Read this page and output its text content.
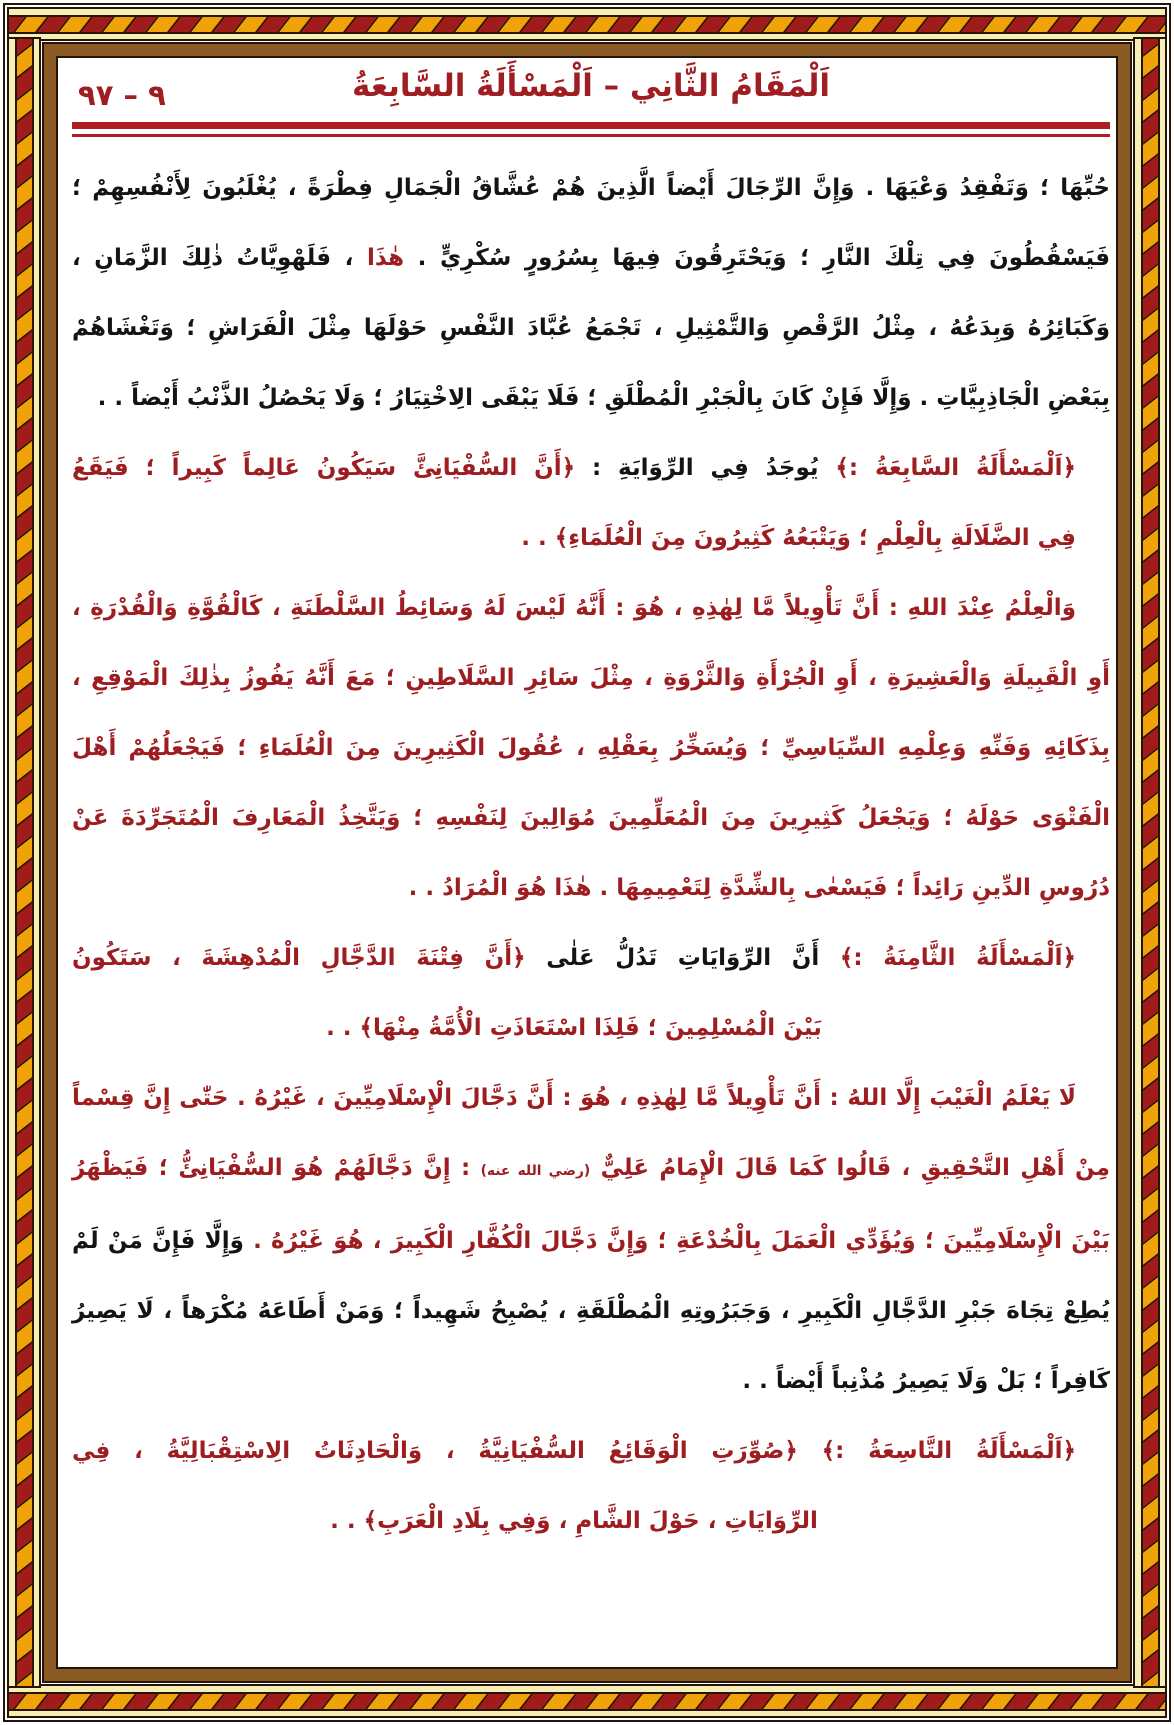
٩ – ٩٧	اَلْمَقَامُ الثَّانِي – اَلْمَسْأَلَةُ السَّابِعَةُ
حُبِّهَا ؛ وَتَفْقِدُ وَعْيَهَا . وَإِنَّ الرِّجَالَ أَيْضاً الَّذِينَ هُمْ عُشَّاقُ الْجَمَالِ فِطْرَةً ، يُغْلَبُونَ لِأَنْفُسِهِمْ ؛ فَيَسْقُطُونَ فِي تِلْكَ النَّارِ ؛ وَيَحْتَرِقُونَ فِيهَا بِسُرُورٍ سُكْرِيٍّ . هٰذَا ، فَلَهْوِيَّاتُ ذٰلِكَ الزَّمَانِ ، وَكَبَائِرُهُ وَبِدَعُهُ ، مِثْلُ الرَّقْصِ وَالتَّمْثِيلِ ، تَجْمَعُ عُبَّادَ النَّفْسِ حَوْلَهَا مِثْلَ الْفَرَاشِ ؛ وَتَغْشَاهُمْ بِبَعْضِ الْجَاذِبِيَّاتِ . وَإِلَّا فَإِنْ كَانَ بِالْجَبْرِ الْمُطْلَقِ ؛ فَلَا يَبْقَى الِاخْتِيَارُ ؛ وَلَا يَحْصُلُ الذَّنْبُ أَيْضاً . .
﴿اَلْمَسْأَلَةُ السَّابِعَةُ :﴾ يُوجَدُ فِي الرِّوَايَةِ : ﴿أَنَّ السُّفْيَانِئَّ سَيَكُونُ عَالِماً كَبِيراً ؛ فَيَقَعُ
فِي الضَّلَالَةِ بِالْعِلْمِ ؛ وَيَتْبَعُهُ كَثِيرُونَ مِنَ الْعُلَمَاءِ﴾ . .
وَالْعِلْمُ عِنْدَ اللهِ : أَنَّ تَأْوِيلاً مَّا لِهٰذِهِ ، هُوَ : أَنَّهُ لَيْسَ لَهُ وَسَائِطُ السَّلْطَنَةِ ، كَالْقُوَّةِ وَالْقُدْرَةِ ، أَوِ الْقَبِيلَةِ وَالْعَشِيرَةِ ، أَوِ الْجُرْأَةِ وَالثَّرْوَةِ ، مِثْلَ سَائِرِ السَّلَاطِينِ ؛ مَعَ أَنَّهُ يَفُوزُ بِذٰلِكَ الْمَوْقِعِ ، بِذَكَائِهِ وَفَنِّهِ وَعِلْمِهِ السِّيَاسِيِّ ؛ وَيُسَخِّرُ بِعَقْلِهِ ، عُقُولَ الْكَثِيرِينَ مِنَ الْعُلَمَاءِ ؛ فَيَجْعَلُهُمْ أَهْلَ الْفَتْوَى حَوْلَهُ ؛ وَيَجْعَلُ كَثِيرِينَ مِنَ الْمُعَلِّمِينَ مُوَالِينَ لِنَفْسِهِ ؛ وَيَتَّخِذُ الْمَعَارِفَ الْمُتَجَرِّدَةَ عَنْ دُرُوسِ الدِّينِ رَائِداً ؛ فَيَسْعٰى بِالشِّدَّةِ لِتَعْمِيمِهَا . هٰذَا هُوَ الْمُرَادُ . .
﴿اَلْمَسْأَلَةُ الثَّامِنَةُ :﴾ أَنَّ الرِّوَايَاتِ تَدُلُّ عَلٰى ﴿أَنَّ فِتْنَةَ الدَّجَّالِ الْمُدْهِشَةَ ، سَتَكُونُ
بَيْنَ الْمُسْلِمِينَ ؛ فَلِذَا اسْتَعَاذَتِ الْأُمَّةُ مِنْهَا﴾ . .
لَا يَعْلَمُ الْغَيْبَ إِلَّا اللهُ : أَنَّ تَأْوِيلاً مَّا لِهٰذِهِ ، هُوَ : أَنَّ دَجَّالَ الْإِسْلَامِيِّينَ ، غَيْرُهُ . حَتّٰى إِنَّ قِسْماً مِنْ أَهْلِ التَّحْقِيقِ ، قَالُوا كَمَا قَالَ الْإِمَامُ عَلِيٌّ (رضي الله عنه) : إِنَّ دَجَّالَهُمْ هُوَ السُّفْيَانِئُّ ؛ فَيَظْهَرُ بَيْنَ الْإِسْلَامِيِّينَ ؛ وَيُؤَدِّي الْعَمَلَ بِالْخُدْعَةِ ؛ وَإِنَّ دَجَّالَ الْكُفَّارِ الْكَبِيرَ ، هُوَ غَيْرُهُ . وَإِلَّا فَإِنَّ مَنْ لَمْ يُطِعْ تِجَاهَ جَبْرِ الدَّجَّالِ الْكَبِيرِ ، وَجَبَرُوتِهِ الْمُطْلَقَةِ ، يُصْبِحُ شَهِيداً ؛ وَمَنْ أَطَاعَهُ مُكْرَهاً ، لَا يَصِيرُ كَافِراً ؛ بَلْ وَلَا يَصِيرُ مُذْنِباً أَيْضاً . .
﴿اَلْمَسْأَلَةُ التَّاسِعَةُ :﴾ ﴿صُوِّرَتِ الْوَقَائِعُ السُّفْيَانِيَّةُ ، وَالْحَادِثَاتُ الِاسْتِقْبَالِيَّةُ ، فِي
الرِّوَايَاتِ ، حَوْلَ الشَّامِ ، وَفِي بِلَادِ الْعَرَبِ﴾ . .
